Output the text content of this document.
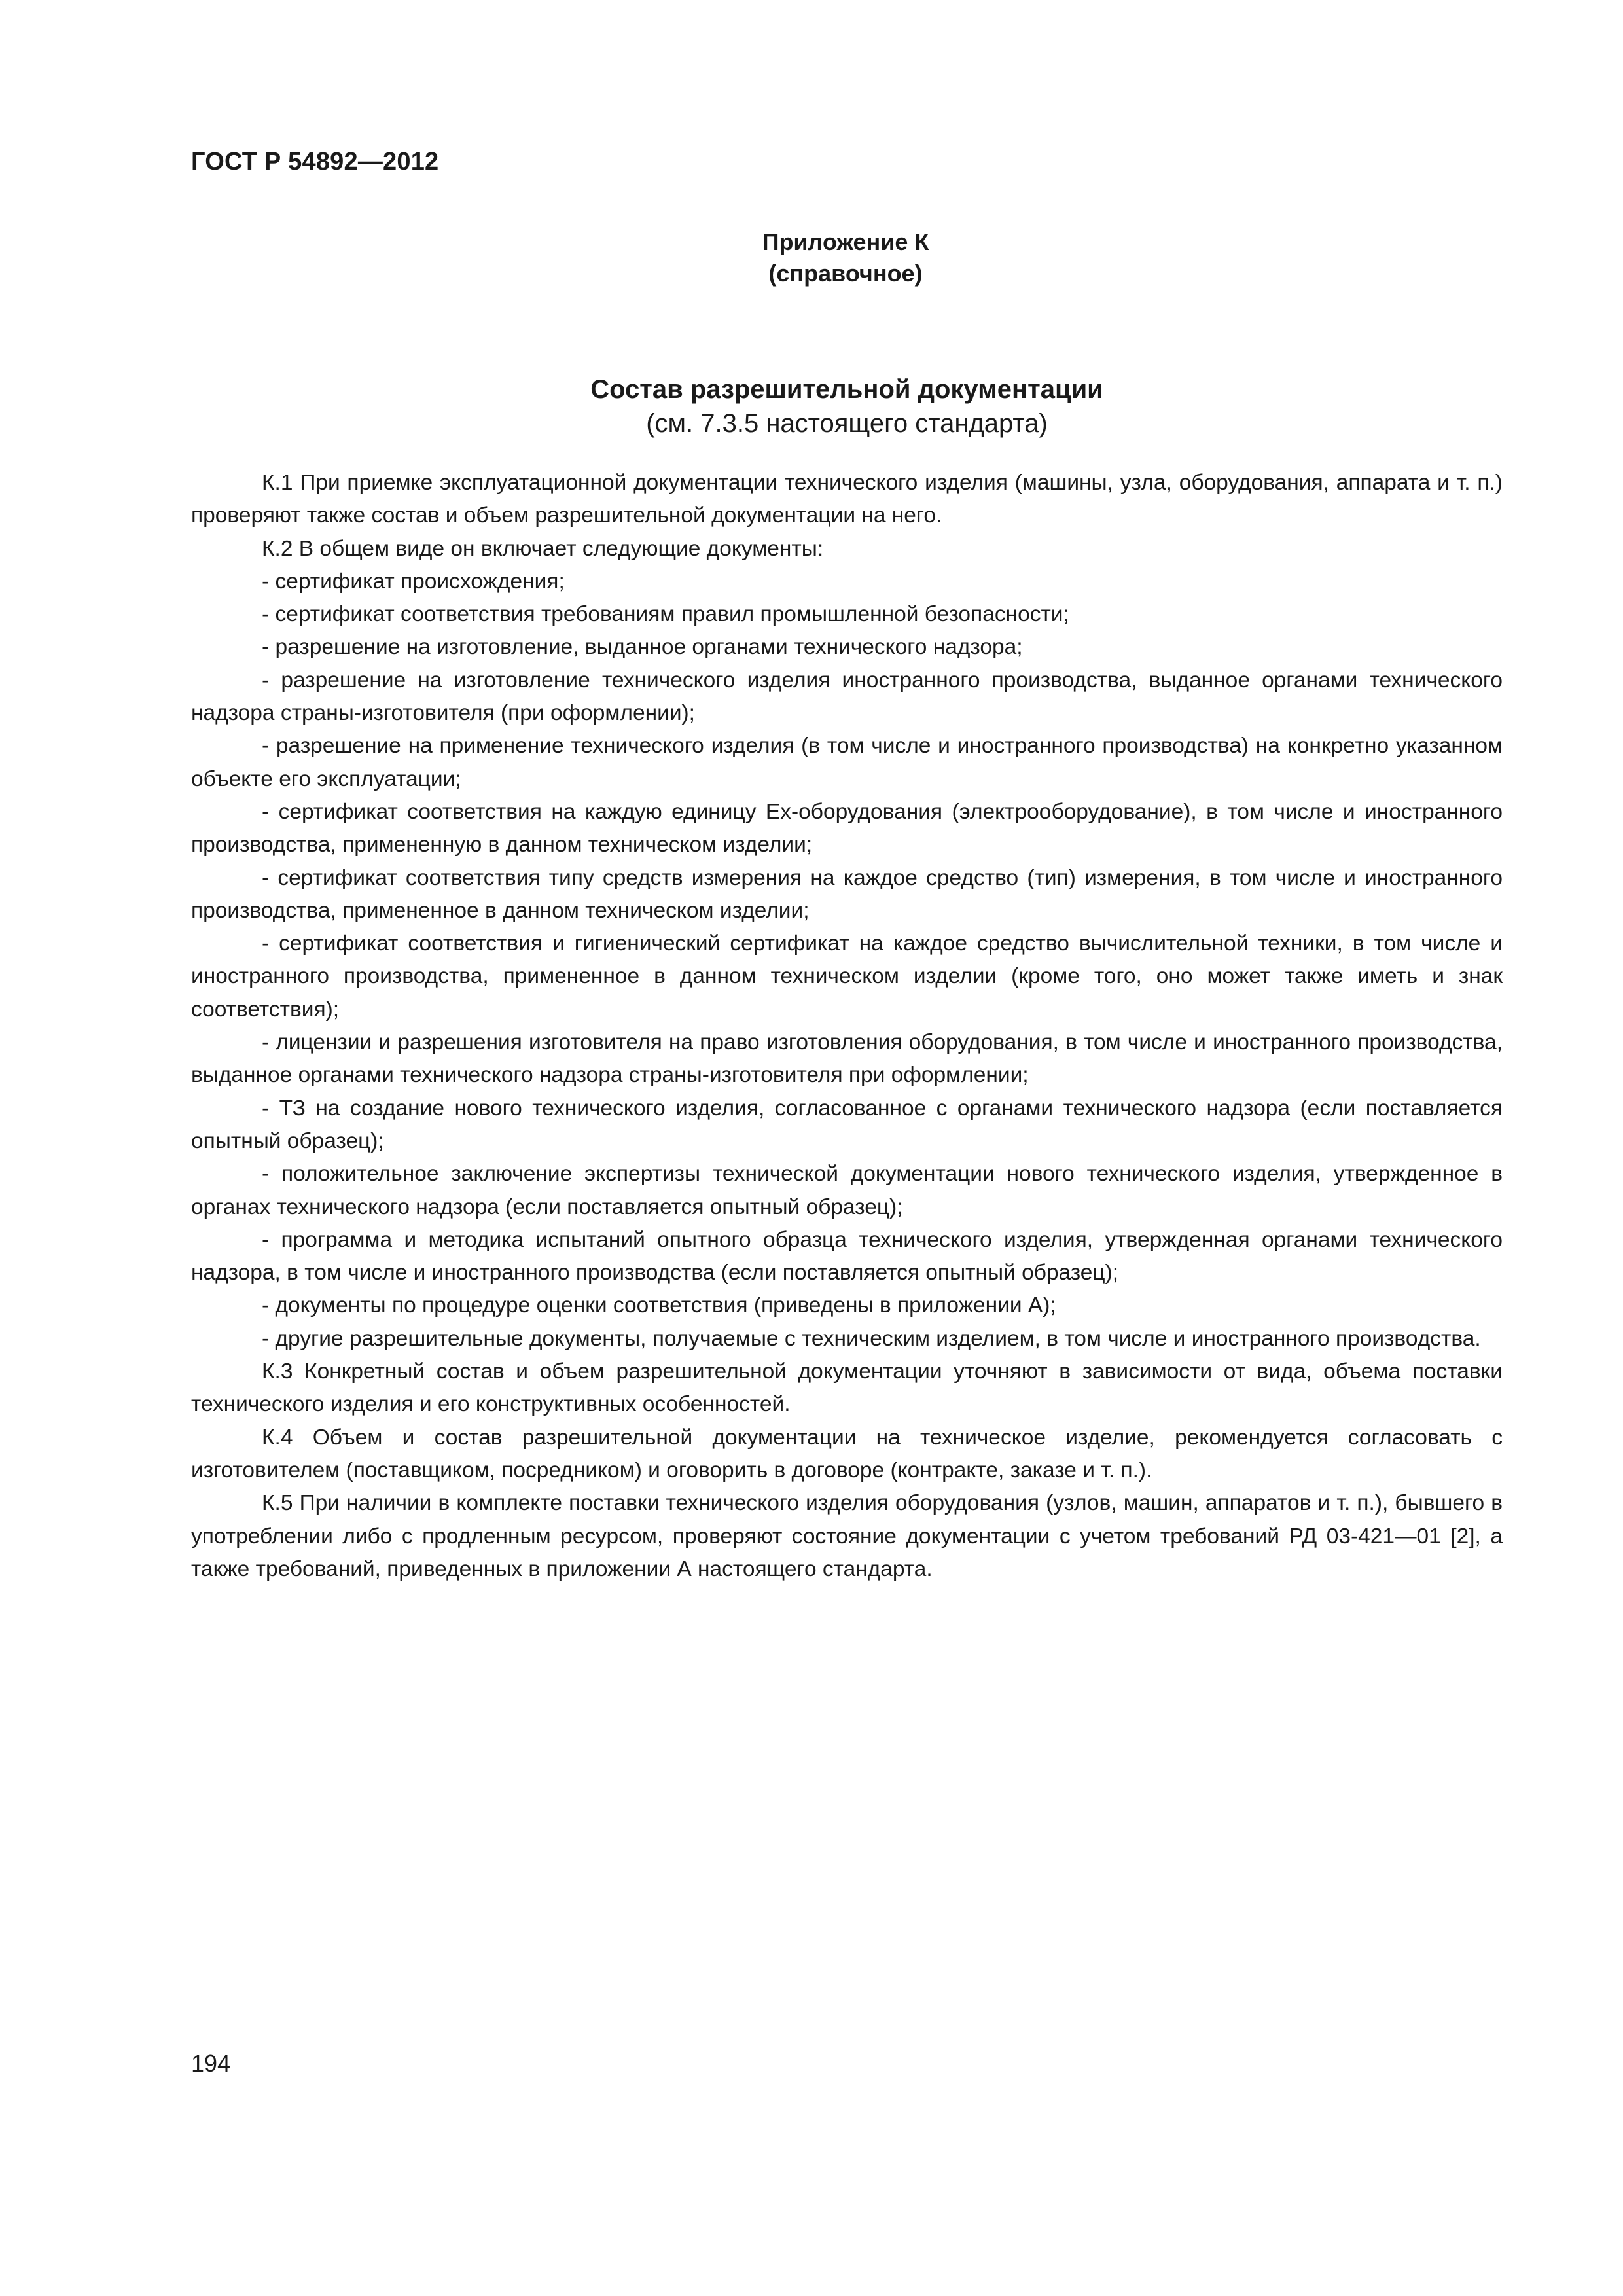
ГОСТ Р 54892—2012
Приложение К
(справочное)
Состав разрешительной документации
(см. 7.3.5 настоящего стандарта)

К.1 При приемке эксплуатационной документации технического изделия (машины, узла, оборудования, аппарата и т. п.) проверяют также состав и объем разрешительной документации на него.

К.2 В общем виде он включает следующие документы:

- сертификат происхождения;

- сертификат соответствия требованиям правил промышленной безопасности;

- разрешение на изготовление, выданное органами технического надзора;

- разрешение на изготовление технического изделия иностранного производства, выданное органами технического надзора страны-изготовителя (при оформлении);

- разрешение на применение технического изделия (в том числе и иностранного производства) на конкретно указанном объекте его эксплуатации;

- сертификат соответствия на каждую единицу Ex-оборудования (электрооборудование), в том числе и иностранного производства, примененную в данном техническом изделии;

- сертификат соответствия типу средств измерения на каждое средство (тип) измерения, в том числе и иностранного производства, примененное в данном техническом изделии;

- сертификат соответствия и гигиенический сертификат на каждое средство вычислительной техники, в том числе и иностранного производства, примененное в данном техническом изделии (кроме того, оно может также иметь и знак соответствия);

- лицензии и разрешения изготовителя на право изготовления оборудования, в том числе и иностранного производства, выданное органами технического надзора страны-изготовителя при оформлении;

- ТЗ на создание нового технического изделия, согласованное с органами технического надзора (если поставляется опытный образец);

- положительное заключение экспертизы технической документации нового технического изделия, утвержденное в органах технического надзора (если поставляется опытный образец);

- программа и методика испытаний опытного образца технического изделия, утвержденная органами технического надзора, в том числе и иностранного производства (если поставляется опытный образец);

- документы по процедуре оценки соответствия (приведены в приложении А);

- другие разрешительные документы, получаемые с техническим изделием, в том числе и иностранного производства.

К.3 Конкретный состав и объем разрешительной документации уточняют в зависимости от вида, объема поставки технического изделия и его конструктивных особенностей.

К.4 Объем и состав разрешительной документации на техническое изделие, рекомендуется согласовать с изготовителем (поставщиком, посредником) и оговорить в договоре (контракте, заказе и т. п.).

К.5 При наличии в комплекте поставки технического изделия оборудования (узлов, машин, аппаратов и т. п.), бывшего в употреблении либо с продленным ресурсом, проверяют состояние документации с учетом требований РД 03-421—01 [2], а также требований, приведенных в приложении А настоящего стандарта.

194
